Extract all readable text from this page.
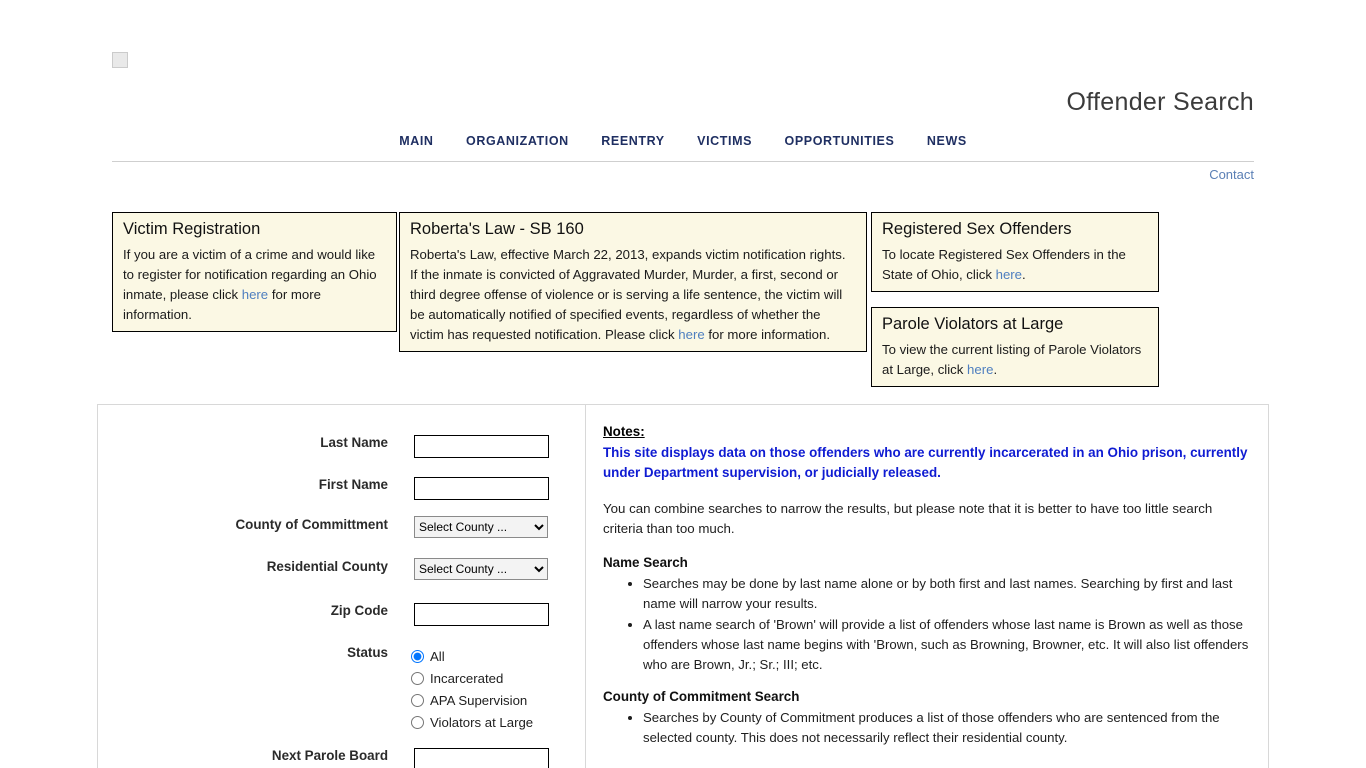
Offender Search
MAIN	ORGANIZATION	REENTRY	VICTIMS	OPPORTUNITIES	NEWS
Contact
Victim Registration

If you are a victim of a crime and would like to register for notification regarding an Ohio inmate, please click here for more information.

Roberta's Law - SB 160

Roberta's Law, effective March 22, 2013, expands victim notification rights. If the inmate is convicted of Aggravated Murder, Murder, a first, second or third degree offense of violence or is serving a life sentence, the victim will be automatically notified of specified events, regardless of whether the victim has requested notification. Please click here for more information.

Registered Sex Offenders

To locate Registered Sex Offenders in the State of Ohio, click here.

Parole Violators at Large

To view the current listing of Parole Violators at Large, click here.

Last Name
First Name
County of Committment
Select County ...
Residential County
Select County ...
Zip Code
Status	All
Incarcerated
APA Supervision
Violators at Large
Next Parole Board
Notes:

This site displays data on those offenders who are currently incarcerated in an Ohio prison, currently under Department supervision, or judicially released.

You can combine searches to narrow the results, but please note that it is better to have too little search criteria than too much.

Name Search
• Searches may be done by last name alone or by both first and last names. Searching by first and last name will narrow your results.
• A last name search of 'Brown' will provide a list of offenders whose last name is Brown as well as those offenders whose last name begins with 'Brown, such as Browning, Browner, etc. It will also list offenders who are Brown, Jr.; Sr.; III; etc.
County of Commitment Search
• Searches by County of Commitment produces a list of those offenders who are sentenced from the selected county. This does not necessarily reflect their residential county.
